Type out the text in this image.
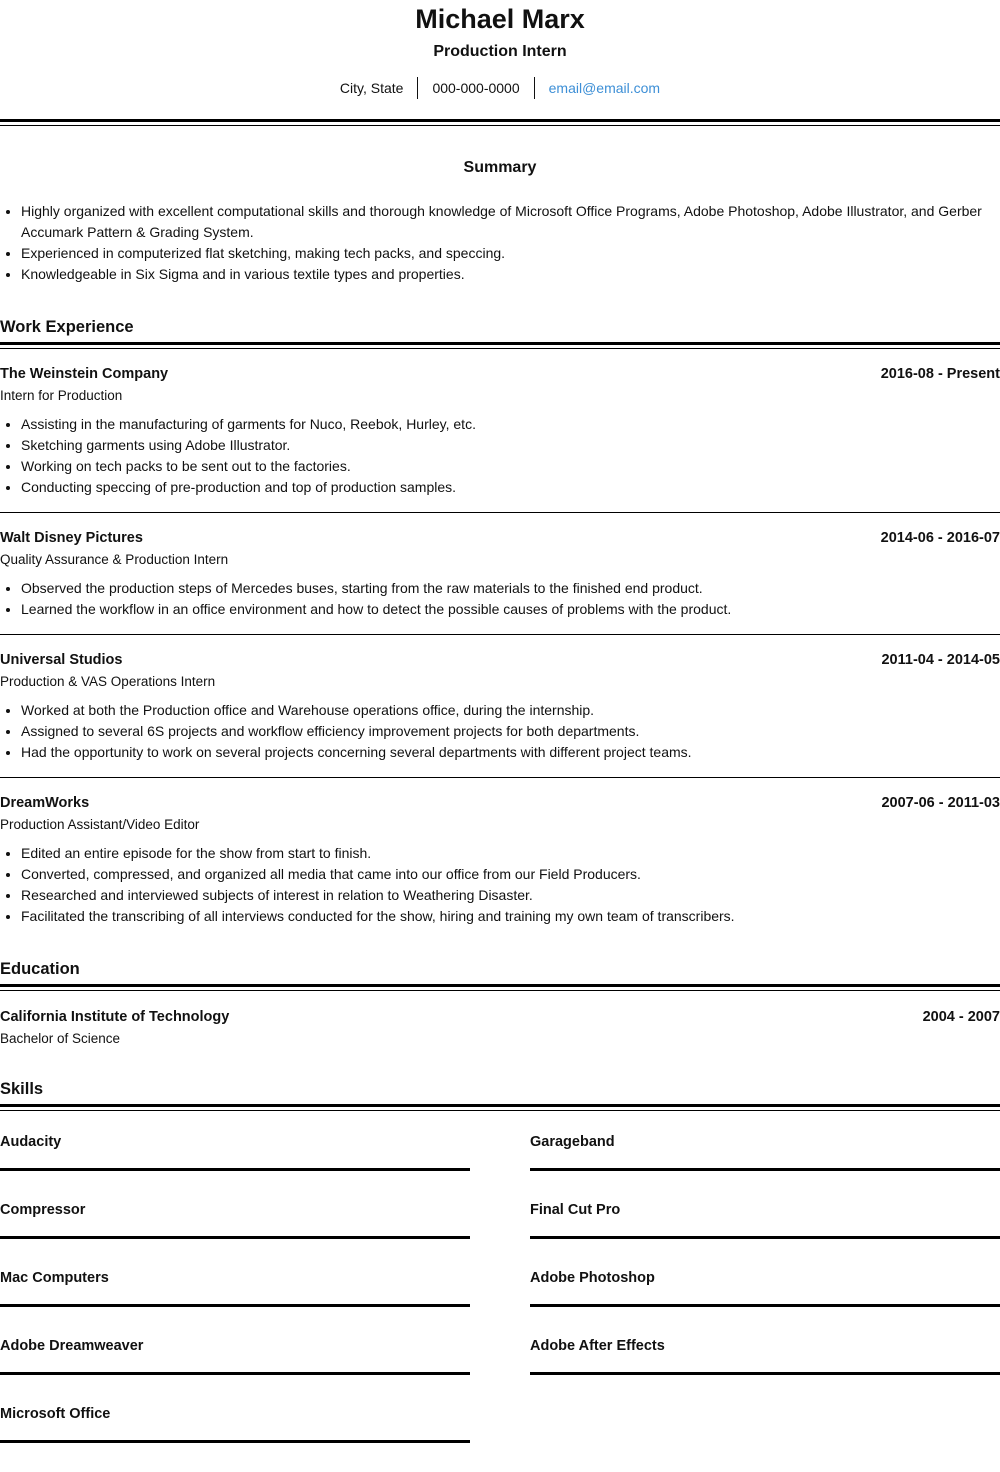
Michael Marx
Production Intern
City, State	000-000-0000	email@email.com
Summary
• Highly organized with excellent computational skills and thorough knowledge of Microsoft Office Programs, Adobe Photoshop, Adobe Illustrator, and Gerber Accumark Pattern & Grading System.
• Experienced in computerized flat sketching, making tech packs, and speccing.
• Knowledgeable in Six Sigma and in various textile types and properties.
Work Experience
The Weinstein Company	2016-08 - Present
Intern for Production
• Assisting in the manufacturing of garments for Nuco, Reebok, Hurley, etc.
• Sketching garments using Adobe Illustrator.
• Working on tech packs to be sent out to the factories.
• Conducting speccing of pre-production and top of production samples.
Walt Disney Pictures	2014-06 - 2016-07
Quality Assurance & Production Intern
• Observed the production steps of Mercedes buses, starting from the raw materials to the finished end product.
• Learned the workflow in an office environment and how to detect the possible causes of problems with the product.
Universal Studios	2011-04 - 2014-05
Production & VAS Operations Intern
• Worked at both the Production office and Warehouse operations office, during the internship.
• Assigned to several 6S projects and workflow efficiency improvement projects for both departments.
• Had the opportunity to work on several projects concerning several departments with different project teams.
DreamWorks	2007-06 - 2011-03
Production Assistant/Video Editor
• Edited an entire episode for the show from start to finish.
• Converted, compressed, and organized all media that came into our office from our Field Producers.
• Researched and interviewed subjects of interest in relation to Weathering Disaster.
• Facilitated the transcribing of all interviews conducted for the show, hiring and training my own team of transcribers.
Education
California Institute of Technology	2004 - 2007
Bachelor of Science
Skills
Audacity	Garageband
Compressor	Final Cut Pro
Mac Computers	Adobe Photoshop
Adobe Dreamweaver	Adobe After Effects
Microsoft Office
